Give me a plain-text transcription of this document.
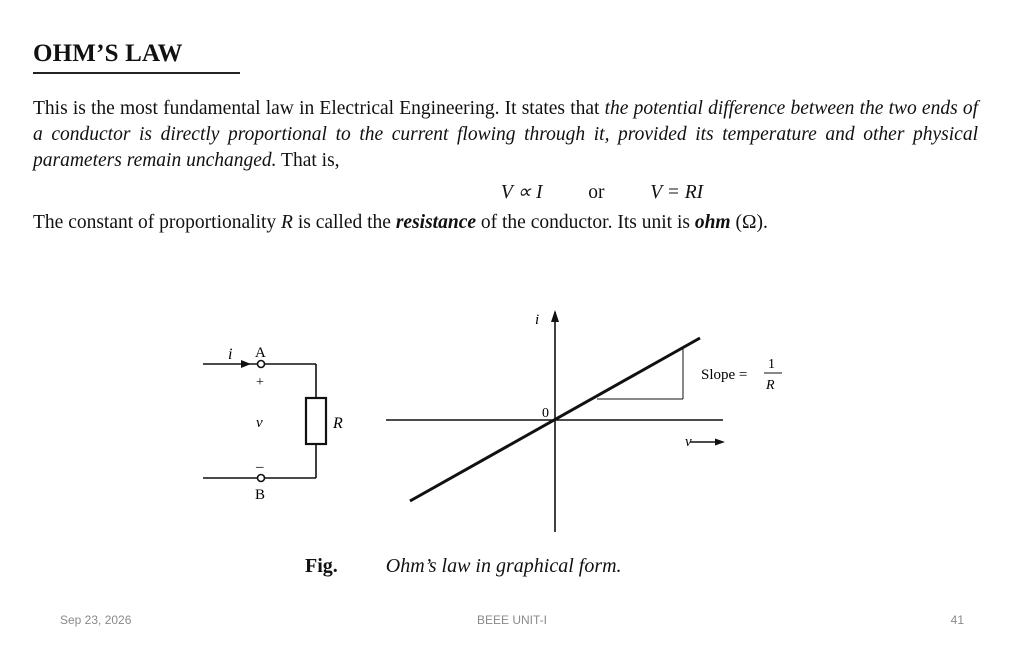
OHM’S LAW
This is the most fundamental law in Electrical Engineering. It states that the potential difference between the two ends of a conductor is directly proportional to the current flowing through it, provided its temperature and other physical parameters remain unchanged. That is,
V ∝ I or V = RI
The constant of proportionality R is called the resistance of the conductor. Its unit is ohm (Ω).
i A
+
v
–
B
R
i
0
v
Slope =
1
R
Fig. Ohm’s law in graphical form.
Sep 23, 2026	BEEE UNIT-I	41
